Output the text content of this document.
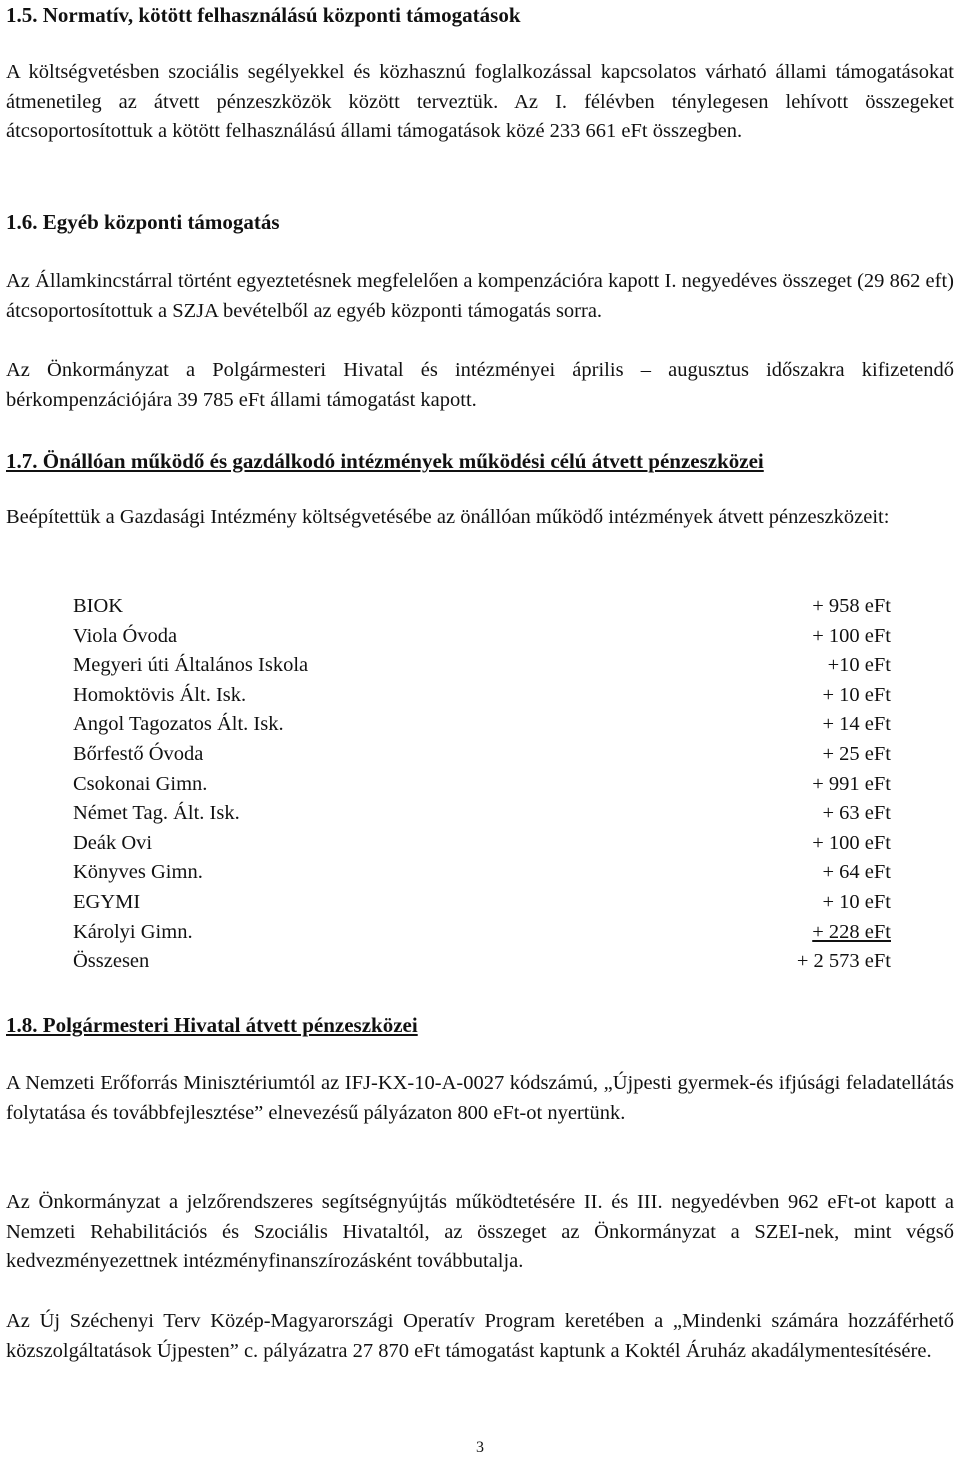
1.5. Normatív, kötött felhasználású központi támogatások

A költségvetésben szociális segélyekkel és közhasznú foglalkozással kapcsolatos várható állami támogatásokat átmenetileg az átvett pénzeszközök között terveztük. Az I. félévben ténylegesen lehívott összegeket átcsoportosítottuk a kötött felhasználású állami támogatások közé 233 661 eFt összegben.

1.6. Egyéb központi támogatás

Az Államkincstárral történt egyeztetésnek megfelelően a kompenzációra kapott I. negyedéves összeget (29 862 eft) átcsoportosítottuk a SZJA bevételből az egyéb központi támogatás sorra.

Az Önkormányzat a Polgármesteri Hivatal és intézményei április – augusztus időszakra kifizetendő bérkompenzációjára 39 785 eFt állami támogatást kapott.

1.7. Önállóan működő és gazdálkodó intézmények működési célú átvett pénzeszközei

Beépítettük a Gazdasági Intézmény költségvetésébe az önállóan működő intézmények átvett pénzeszközeit:

BIOK	+ 958 eFt
Viola Óvoda	+ 100 eFt
Megyeri úti Általános Iskola	+10 eFt
Homoktövis Ált. Isk.	+ 10 eFt
Angol Tagozatos Ált. Isk.	+ 14 eFt
Bőrfestő Óvoda	+ 25 eFt
Csokonai Gimn.	+ 991 eFt
Német Tag. Ált. Isk.	+ 63 eFt
Deák Ovi	+ 100 eFt
Könyves Gimn.	+ 64 eFt
EGYMI	+ 10 eFt
Károlyi Gimn.	+ 228 eFt
Összesen	+ 2 573 eFt
1.8. Polgármesteri Hivatal átvett pénzeszközei

A Nemzeti Erőforrás Minisztériumtól az IFJ-KX-10-A-0027 kódszámú, „Újpesti gyermek-és ifjúsági feladatellátás folytatása és továbbfejlesztése” elnevezésű pályázaton 800 eFt-ot nyertünk.

Az Önkormányzat a jelzőrendszeres segítségnyújtás működtetésére II. és III. negyedévben 962 eFt-ot kapott a Nemzeti Rehabilitációs és Szociális Hivataltól, az összeget az Önkormányzat a SZEI-nek, mint végső kedvezményezettnek intézményfinanszírozásként továbbutalja.

Az Új Széchenyi Terv Közép-Magyarországi Operatív Program keretében a „Mindenki számára hozzáférhető közszolgáltatások Újpesten” c. pályázatra 27 870 eFt támogatást kaptunk a Koktél Áruház akadálymentesítésére.

3
